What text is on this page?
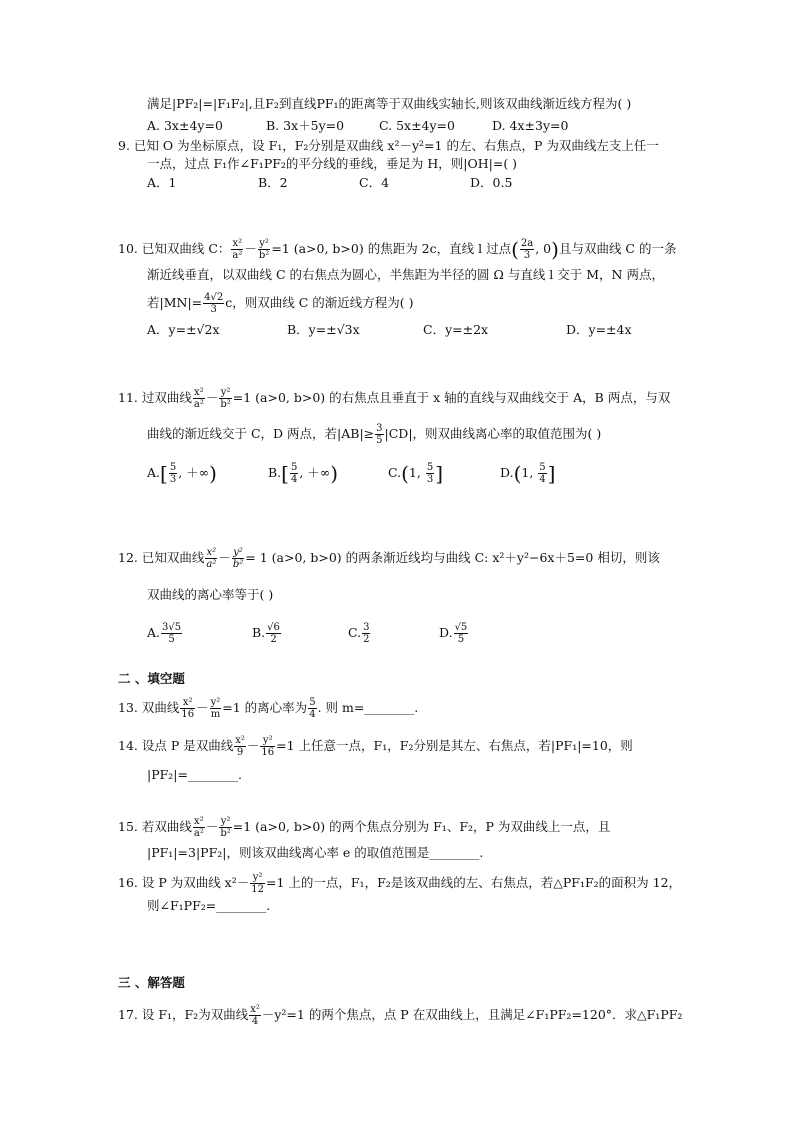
满足|PF₂|=|F₁F₂|,且F₂到直线PF₁的距离等于双曲线实轴长,则该双曲线渐近线方程为( )
A. 3x±4y=0	B. 3x＋5y=0	C. 5x±4y=0	D. 4x±3y=0
9. 已知 O 为坐标原点，设 F₁，F₂分别是双曲线 x²－y²=1 的左、右焦点，P 为双曲线左支上任一
一点，过点 F₁作∠F₁PF₂的平分线的垂线，垂足为 H，则|OH|=( )
A．1	B．2	C．4	D．0.5
10. 已知双曲线 C： $\frac{\text{x²}}{\text{a²}} - \frac{\text{y²}}{\text{b²}} =1$ (a>0, b>0) 的焦距为 2c，直线 l 过点( $\frac{2a}{3}$ , 0)且与双曲线 C 的一条
渐近线垂直，以双曲线 C 的右焦点为圆心，半焦距为半径的圆 Ω 与直线 l 交于 M，N 两点，
若$|MN|= \frac{4√2}{3}$ c，则双曲线 C 的渐近线方程为( )
A．y=±√2x	B．y=±√3x	C．y=±2x	D．y=±4x
11. 过双曲线 $\frac{\text{x²}}{\text{a²}} - \frac{\text{y²}}{\text{b²}} =1$ (a>0, b>0) 的右焦点且垂直于 x 轴的直线与双曲线交于 A，B 两点，与双
曲线的渐近线交于 C，D 两点，若$|AB|\ge \frac{3}{5} |CD|$，则双曲线离心率的取值范围为( )
$A.[ \frac{5}{3}$ , ＋∞)	$B.[ \frac{5}{4}$ , ＋∞)	C.(1, $\frac{5}{3}$ ]	D.(1, $\frac{5}{4}$ ]
12. 已知双曲线 $\frac{\text{x²}}{\text{a²}} - \frac{\text{y²}}{\text{b²}} = 1$ (a>0, b>0) 的两条渐近线均与曲线 C: x²＋y²−6x＋5=0 相切，则该
双曲线的离心率等于( )
A. $\frac{3√5}{5}$	B. $\frac{√6}{2}$	C. $\frac{3}{2}$	D. $\frac{√5}{5}$
二 、填空题
13. 双曲线 $\frac{\text{x²}}{16} - \frac{\text{y²}}{m} =1$ 的离心率为 $\frac{5}{4}$ . 则 m=________.
14. 设点 P 是双曲线 $\frac{\text{x²}}{9} - \frac{\text{y²}}{16} =1$ 上任意一点，F₁，F₂分别是其左、右焦点，若|PF₁|=10，则
|PF₂|=________.
15. 若双曲线 $\frac{\text{x²}}{\text{a²}} - \frac{\text{y²}}{\text{b²}} =1$ (a>0, b>0) 的两个焦点分别为 F₁、F₂，P 为双曲线上一点，且
|PF₁|=3|PF₂|，则该双曲线离心率 e 的取值范围是________.
16. 设 P 为双曲线 $x^2- \frac{\text{y²}}{12} =1$ 上的一点，F₁，F₂是该双曲线的左、右焦点，若△PF₁F₂的面积为 12，
则∠F₁PF₂=________.
三 、解答题
17. 设 F₁，F₂为双曲线 $\frac{\text{x²}}{4} -y^2=1$ 的两个焦点，点 P 在双曲线上，且满足∠F₁PF₂=120°．求△F₁PF₂
